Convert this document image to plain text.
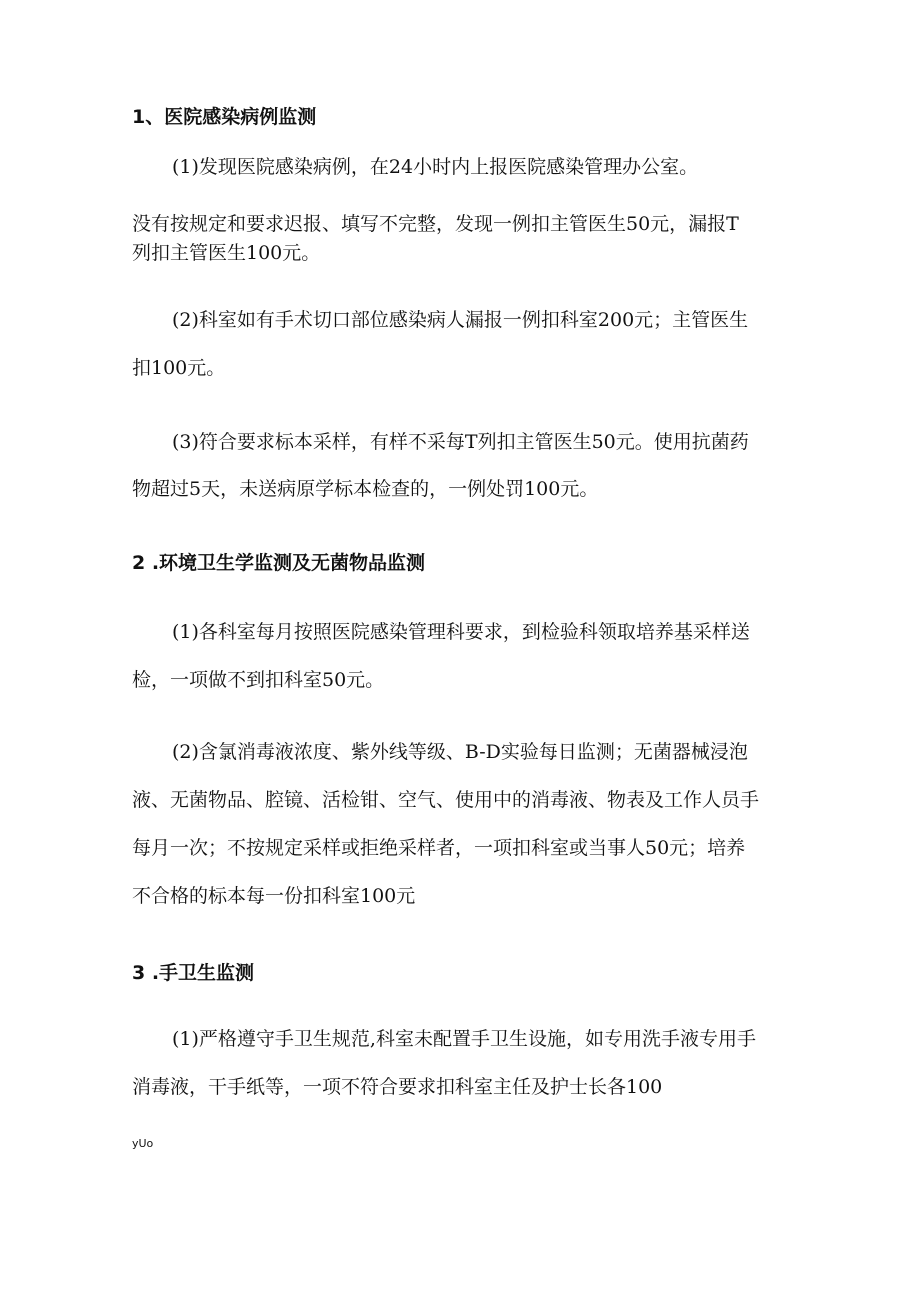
1、医院感染病例监测
(1)发现医院感染病例，在24小时内上报医院感染管理办公室。
没有按规定和要求迟报、填写不完整，发现一例扣主管医生50元，漏报T
列扣主管医生100元。
(2)科室如有手术切口部位感染病人漏报一例扣科室200元；主管医生
扣100元。
(3)符合要求标本采样，有样不采每T列扣主管医生50元。使用抗菌药
物超过5天，未送病原学标本检查的，一例处罚100元。
2 .环境卫生学监测及无菌物品监测
(1)各科室每月按照医院感染管理科要求，到检验科领取培养基采样送
检，一项做不到扣科室50元。
(2)含氯消毒液浓度、紫外线等级、B-D实验每日监测；无菌器械浸泡
液、无菌物品、腔镜、活检钳、空气、使用中的消毒液、物表及工作人员手
每月一次；不按规定采样或拒绝采样者，一项扣科室或当事人50元；培养
不合格的标本每一份扣科室100元
3 .手卫生监测
(1)严格遵守手卫生规范,科室未配置手卫生设施，如专用洗手液专用手
消毒液，干手纸等，一项不符合要求扣科室主任及护士长各100
yUo
